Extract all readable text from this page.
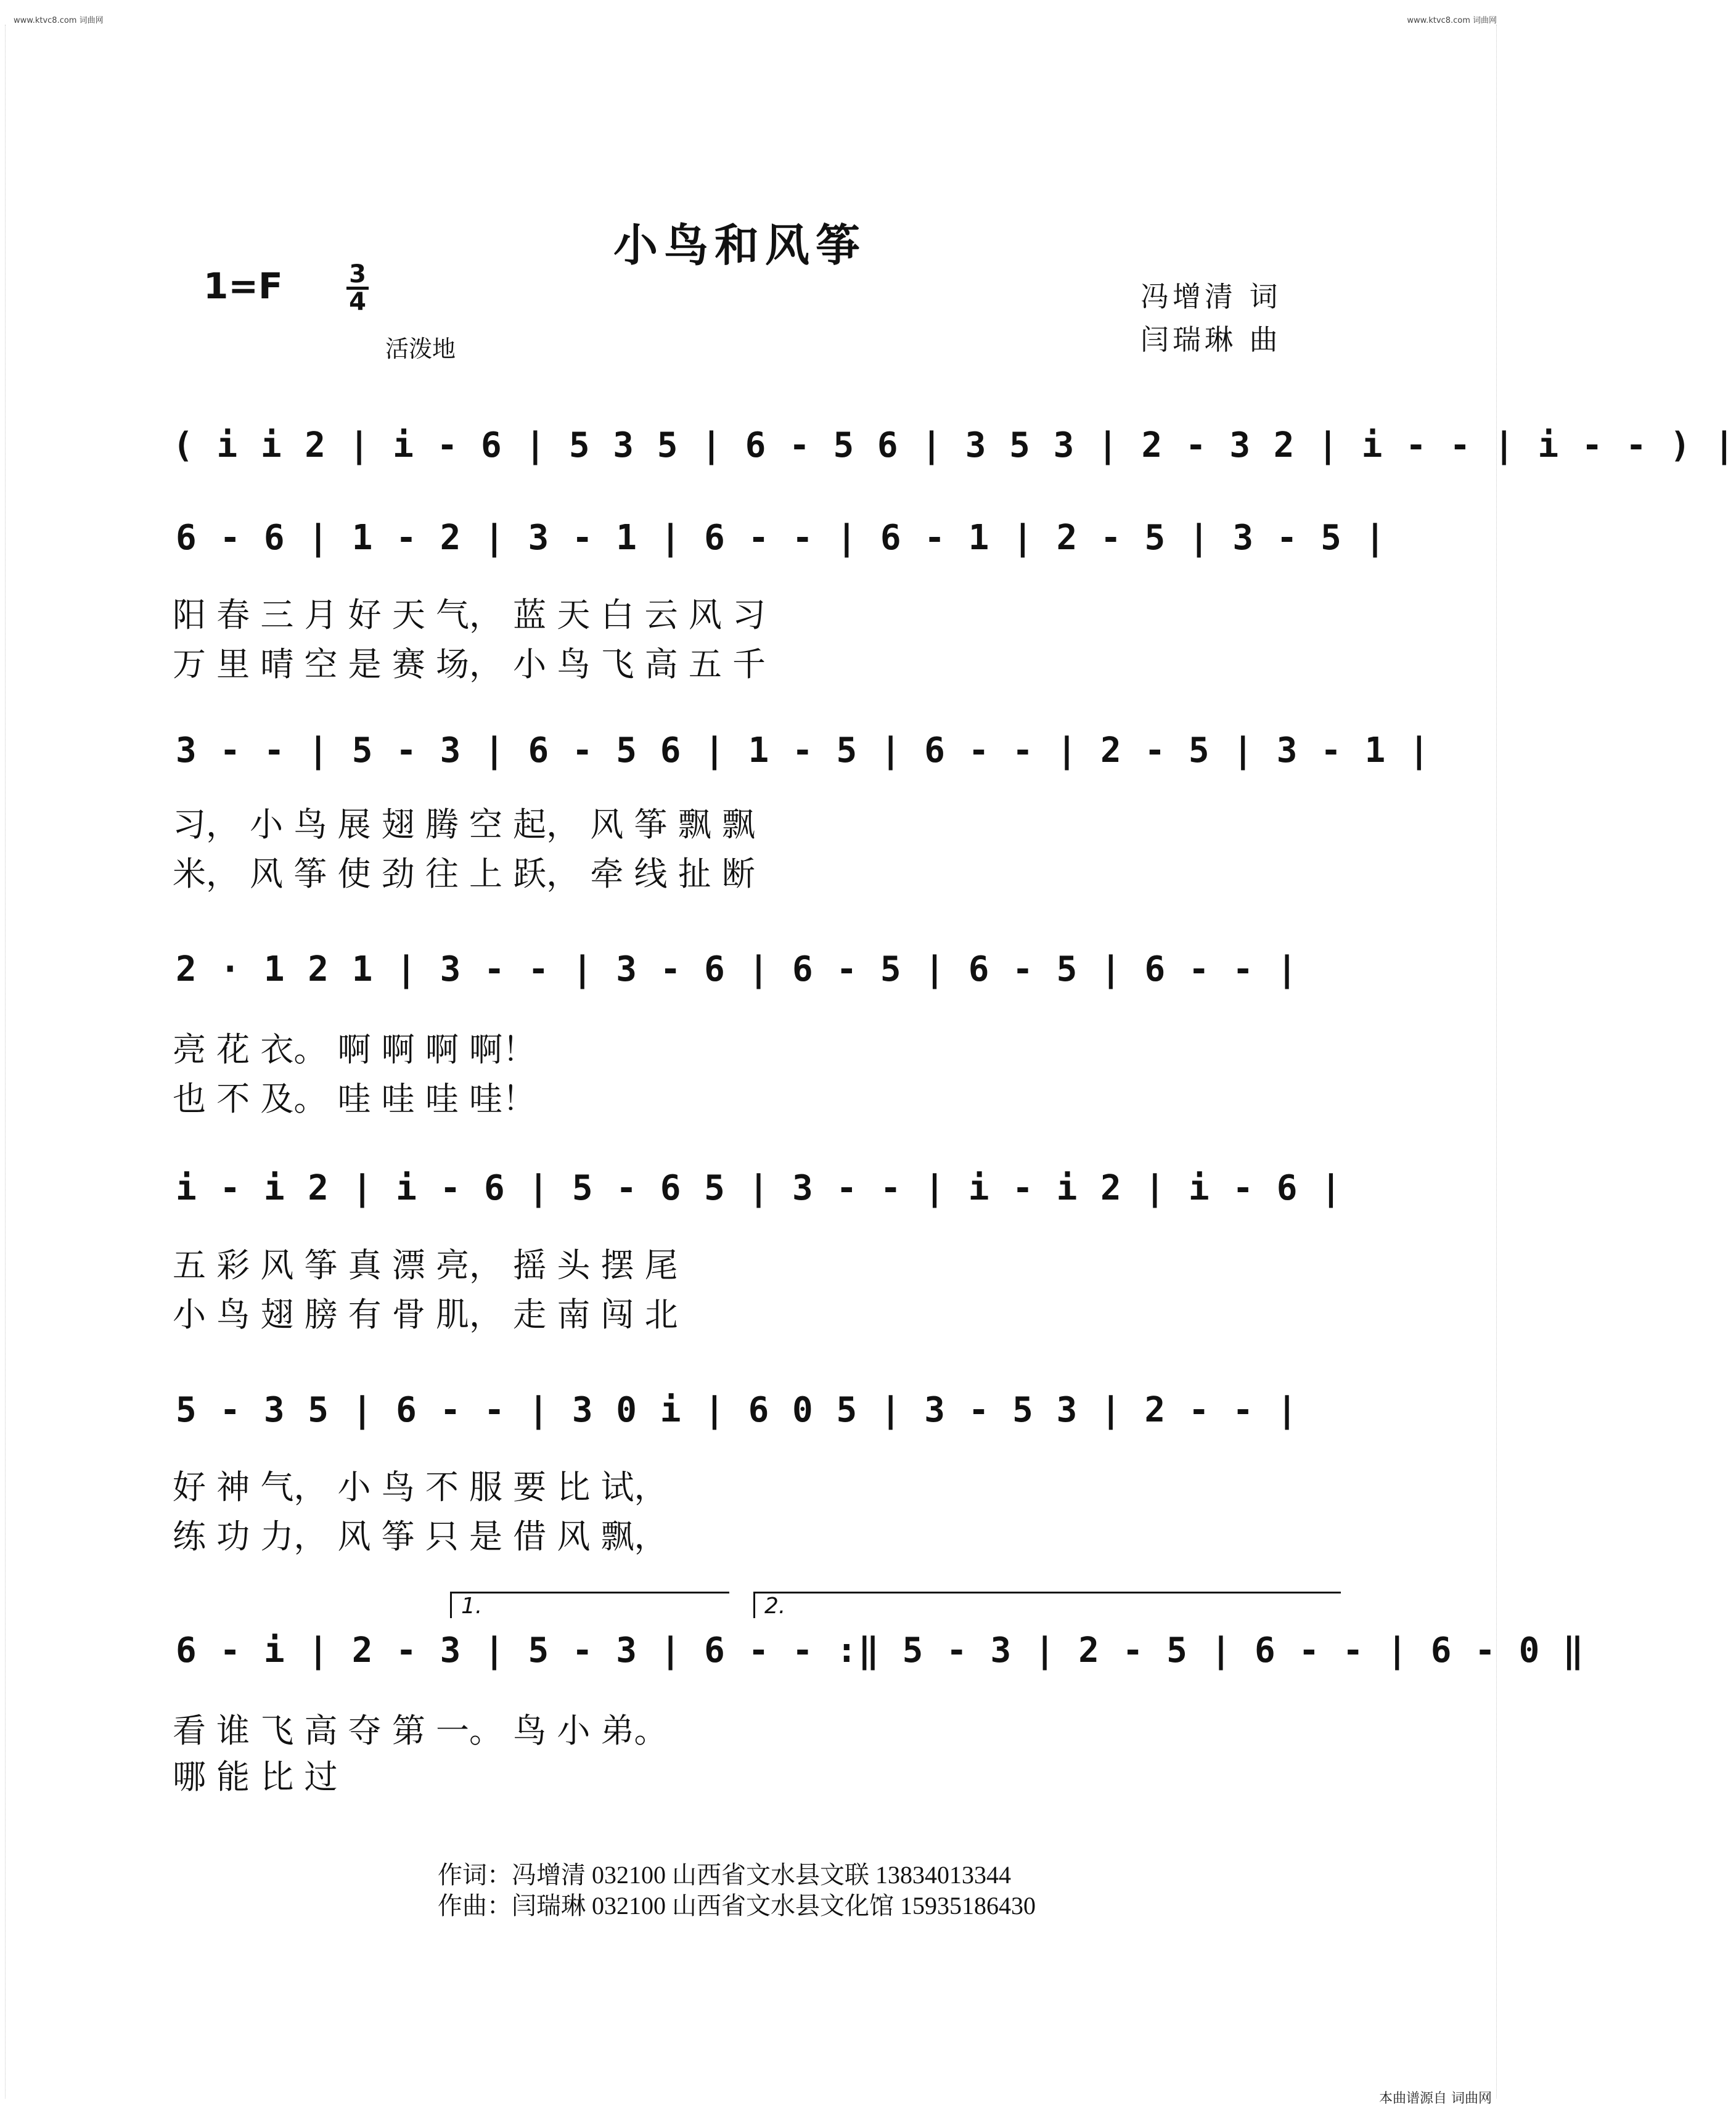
www.ktvc8.com 词曲网	www.ktvc8.com 词曲网
小鸟和风筝
1=F	3
4
活泼地
冯增清 词
闫瑞琳 曲
( i i 2 | i - 6 | 5 3 5 | 6 - 5 6 | 3 5 3 | 2 - 3 2 | i - - | i - - ) |
6 - 6 | 1 - 2 | 3 - 1 | 6 - - | 6 - 1 | 2 - 5 | 3 - 5 |
阳 春 三 月 好 天 气， 蓝 天 白 云 风 习
万 里 晴 空 是 赛 场， 小 鸟 飞 高 五 千
3 - - | 5 - 3 | 6 - 5 6 | 1 - 5 | 6 - - | 2 - 5 | 3 - 1 |
习， 小 鸟 展 翅 腾 空 起， 风 筝 飘 飘
米， 风 筝 使 劲 往 上 跃， 牵 线 扯 断
2 · 1 2 1 | 3 - - | 3 - 6 | 6 - 5 | 6 - 5 | 6 - - |
亮 花 衣。 啊 啊 啊 啊！
也 不 及。 哇 哇 哇 哇！
i - i 2 | i - 6 | 5 - 6 5 | 3 - - | i - i 2 | i - 6 |
五 彩 风 筝 真 漂 亮， 摇 头 摆 尾
小 鸟 翅 膀 有 骨 肌， 走 南 闯 北
5 - 3 5 | 6 - - | 3 0 i | 6 0 5 | 3 - 5 3 | 2 - - |
好 神 气， 小 鸟 不 服 要 比 试，
练 功 力， 风 筝 只 是 借 风 飘，
1.	2.
6 - i | 2 - 3 | 5 - 3 | 6 - - :‖ 5 - 3 | 2 - 5 | 6 - - | 6 - 0 ‖
看 谁 飞 高 夺 第 一。 鸟 小 弟。
哪 能 比 过
作词：冯增清 032100 山西省文水县文联 13834013344
作曲：闫瑞琳 032100 山西省文水县文化馆 15935186430
本曲谱源自 词曲网
